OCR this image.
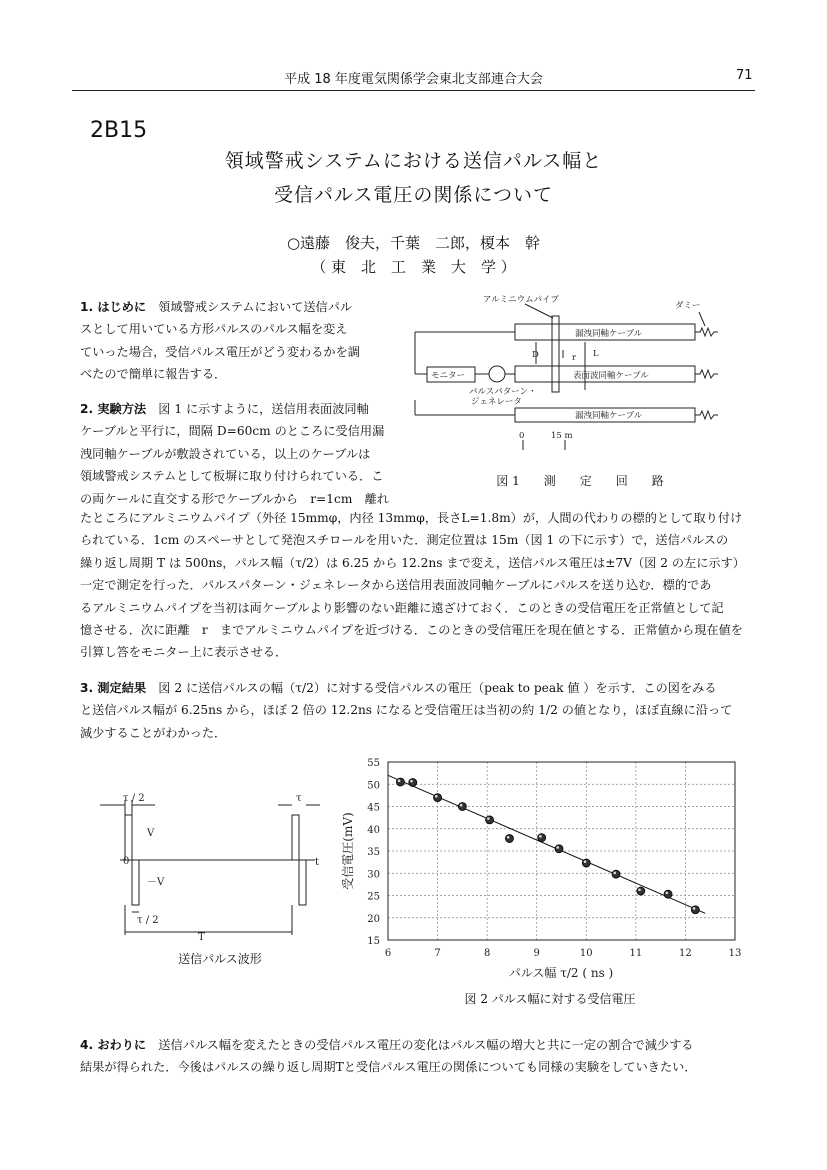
平成 18 年度電気関係学会東北支部連合大会	71
2B15
領域警戒システムにおける送信パルス幅と
受信パルス電圧の関係について
○遠藤　俊夫，千葉　二郎，榎本　幹
（ 東　北　工　業　大　学 ）
1. はじめに　領域警戒システムにおいて送信パル
スとして用いている方形パルスのパルス幅を変え
ていった場合，受信パルス電圧がどう変わるかを調
べたので簡単に報告する．
2. 実験方法　図 1 に示すように，送信用表面波同軸
ケーブルと平行に，間隔 D=60cm のところに受信用漏
洩同軸ケーブルが敷設されている，以上のケーブルは
領域警戒システムとして板塀に取り付けられている．こ
の両ケールに直交する形でケーブルから　r=1cm　離れ
アルミニウムパイプ
ダミー
漏洩同軸ケーブル
表面波同軸ケーブル
漏洩同軸ケーブル
モニター
パルスパターン・
ジェネレータ
D	r L
0	15 m
図 1　　測　　定　　回　　路
たところにアルミニウムパイプ（外径 15mmφ，内径 13mmφ，長さL=1.8m）が，人間の代わりの標的として取り付け
られている．1cm のスペーサとして発泡スチロールを用いた．測定位置は 15m（図 1 の下に示す）で，送信パルスの
繰り返し周期 T は 500ns，パルス幅（τ/2）は 6.25 から 12.2ns まで変え，送信パルス電圧は±7V（図 2 の左に示す）
一定で測定を行った．パルスパターン・ジェネレータから送信用表面波同軸ケーブルにパルスを送り込む．標的であ
るアルミニウムパイプを当初は両ケーブルより影響のない距離に遠ざけておく．このときの受信電圧を正常値として記
憶させる．次に距離　r　までアルミニウムパイプを近づける．このときの受信電圧を現在値とする．正常値から現在値を
引算し答をモニター上に表示させる．
3. 測定結果　図 2 に送信パルスの幅（τ/2）に対する受信パルスの電圧（peak to peak 値 ）を示す．この図をみる
と送信パルス幅が 6.25ns から，ほぼ 2 倍の 12.2ns になると受信電圧は当初の約 1/2 の値となり，ほぼ直線に沿って
減少することがわかった．
τ / 2	τ
V
0
－V
t
τ / 2
T
送信パルス波形
15
20
25
30
35
40
45
50
55
6	7	8	9	10	11	12	13
受信電圧(mV)
パルス幅 τ/2 ( ns )
図 2 パルス幅に対する受信電圧
4. おわりに　送信パルス幅を変えたときの受信パルス電圧の変化はパルス幅の増大と共に一定の割合で減少する
結果が得られた．今後はパルスの繰り返し周期Tと受信パルス電圧の関係についても同様の実験をしていきたい．
